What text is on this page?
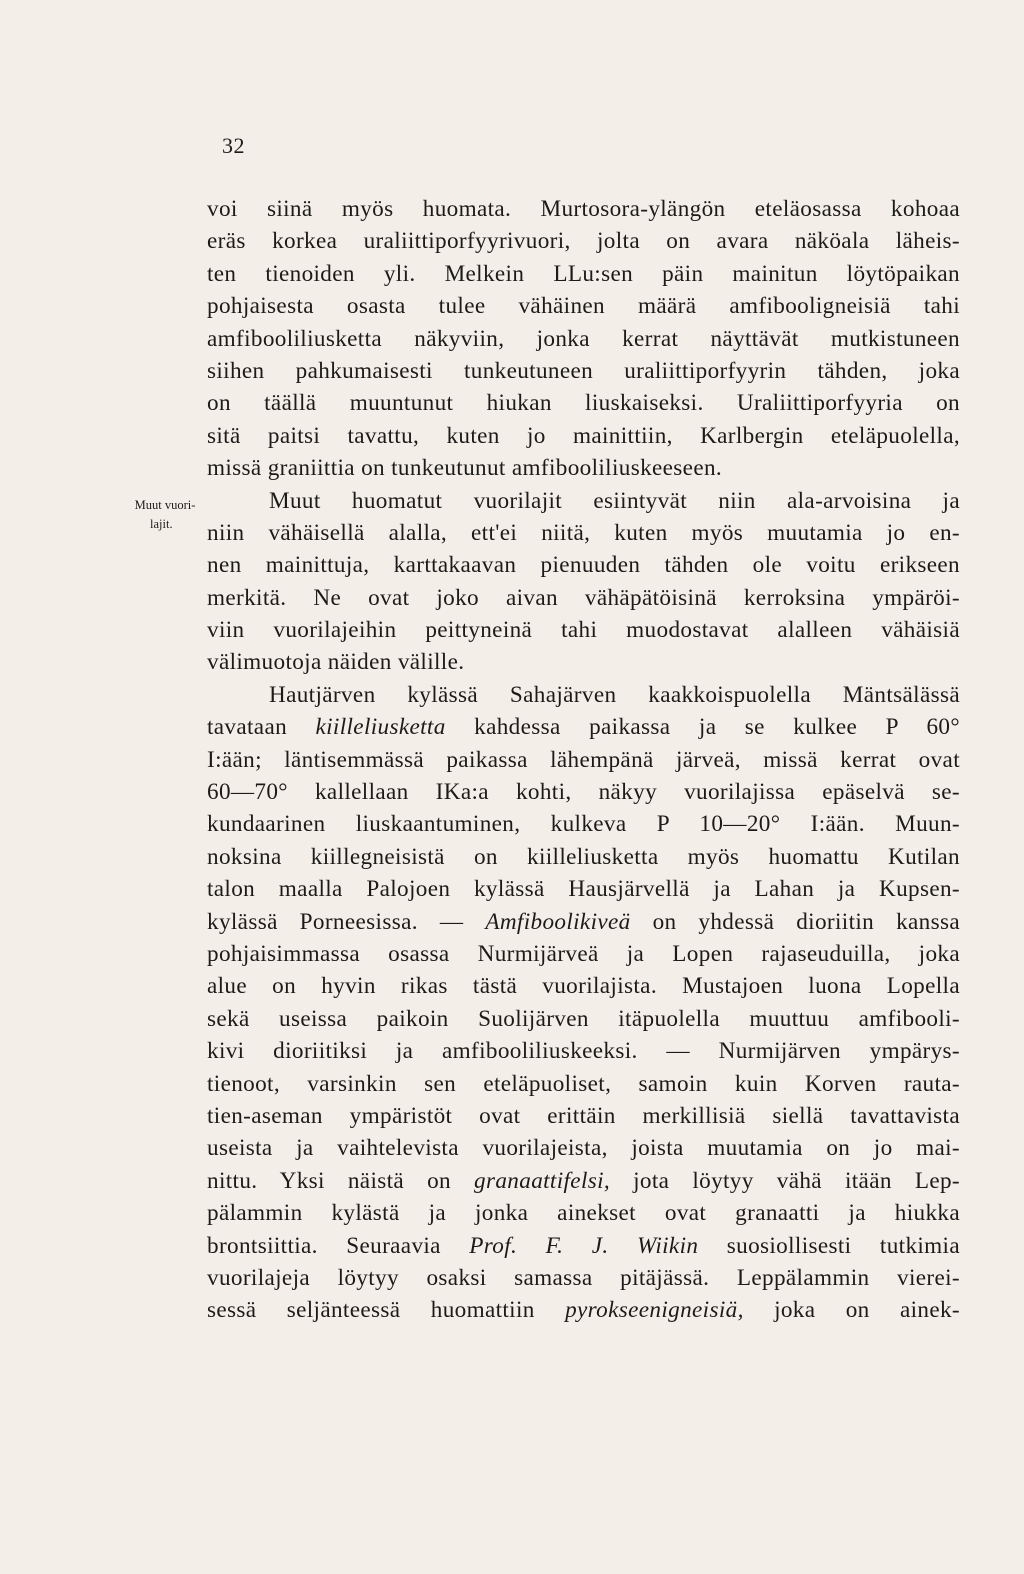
32
Muut vuori-
lajit.
voi siinä myös huomata. Murtosora-ylängön eteläosassa kohoaa
eräs korkea uraliittiporfyyrivuori, jolta on avara näköala läheis-
ten tienoiden yli. Melkein LLu:sen päin mainitun löytöpaikan
pohjaisesta osasta tulee vähäinen määrä amfiboolіgneisiä tahi
amfiboolіliusketta näkyviin, jonka kerrat näyttävät mutkistuneen
siihen pahkumaisesti tunkeutuneen uraliittiporfyyrin tähden, joka
on täällä muuntunut hiukan liuskaiseksi. Uraliittiporfyyria on
sitä paitsi tavattu, kuten jo mainittiin, Karlbergin eteläpuolella,
missä graniittia on tunkeutunut amfiboolіliuskeeseen.
Muut huomatut vuorilajit esiintyvät niin ala-arvoisina ja
niin vähäisellä alalla, ett'ei niitä, kuten myös muutamia jo en-
nen mainittuja, karttakaavan pienuuden tähden ole voitu erikseen
merkitä. Ne ovat joko aivan vähäpätöisinä kerroksina ympäröi-
viin vuorilajeihin peittyneinä tahi muodostavat alalleen vähäisiä
välimuotoja näiden välille.
Hautjärven kylässä Sahajärven kaakkoispuolella Mäntsälässä
tavataan kiilleliusketta kahdessa paikassa ja se kulkee P 60°
I:ään; läntisemmässä paikassa lähempänä järveä, missä kerrat ovat
60—70° kallellaan IKa:a kohti, näkyy vuorilajissa epäselvä se-
kundaarinen liuskaantuminen, kulkeva P 10—20° I:ään. Muun-
noksina kiillegneisistä on kiilleliusketta myös huomattu Kutilan
talon maalla Palojoen kylässä Hausjärvellä ja Lahan ja Kupsen-
kylässä Porneesissa. — Amfiboolikiveä on yhdessä dioriitin kanssa
pohjaisimmassa osassa Nurmijärveä ja Lopen rajaseuduilla, joka
alue on hyvin rikas tästä vuorilajista. Mustajoen luona Lopella
sekä useissa paikoin Suolijärven itäpuolella muuttuu amfibooli-
kivi dioriitiksi ja amfiboolіliuskeeksi. — Nurmijärven ympärys-
tienoot, varsinkin sen eteläpuoliset, samoin kuin Korven rauta-
tien-aseman ympäristöt ovat erittäin merkillisiä siellä tavattavista
useista ja vaihtelevista vuorilajeista, joista muutamia on jo mai-
nittu. Yksi näistä on granaattifelsi, jota löytyy vähä itään Lep-
pälammin kylästä ja jonka ainekset ovat granaatti ja hiukka
brontsiittia. Seuraavia Prof. F. J. Wiikin suosiollisesti tutkimia
vuorilajeja löytyy osaksi samassa pitäjässä. Leppälammin vierei-
sessä seljänteessä huomattiin pyrokseenigneisiä, joka on ainek-
